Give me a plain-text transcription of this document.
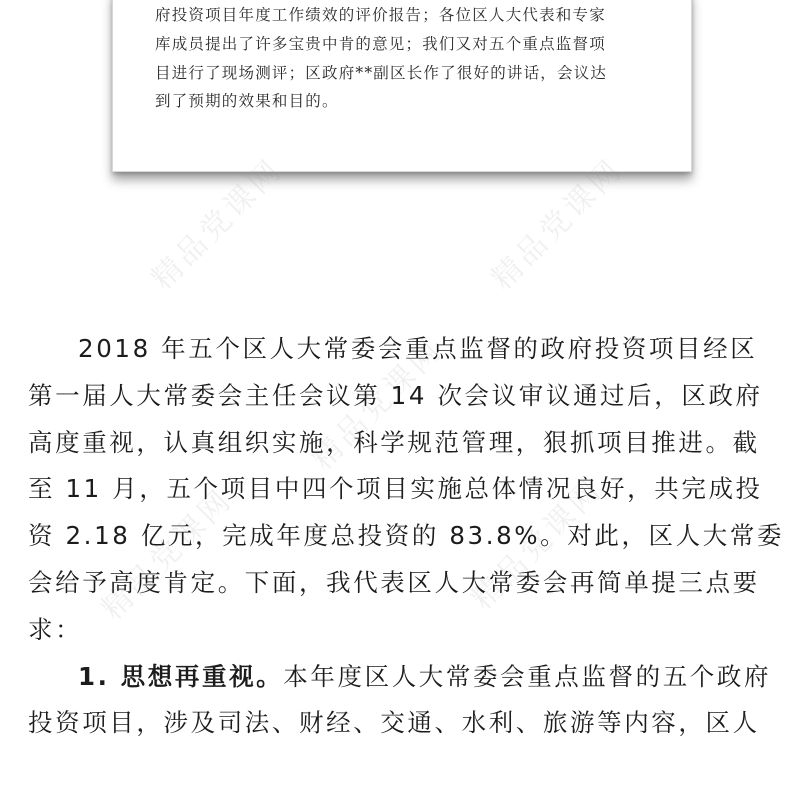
府投资项目年度工作绩效的评价报告；各位区人大代表和专家
库成员提出了许多宝贵中肯的意见；我们又对五个重点监督项
目进行了现场测评；区政府**副区长作了很好的讲话，会议达
到了预期的效果和目的。
精品党课网	精品党课网
精品党课网
精品党课网	精品党课网
2018 年五个区人大常委会重点监督的政府投资项目经区
第一届人大常委会主任会议第 14 次会议审议通过后，区政府
高度重视，认真组织实施，科学规范管理，狠抓项目推进。截
至 11 月，五个项目中四个项目实施总体情况良好，共完成投
资 2.18 亿元，完成年度总投资的 83.8%。对此，区人大常委
会给予高度肯定。下面，我代表区人大常委会再简单提三点要
求：
1. 思想再重视。本年度区人大常委会重点监督的五个政府
投资项目，涉及司法、财经、交通、水利、旅游等内容，区人
